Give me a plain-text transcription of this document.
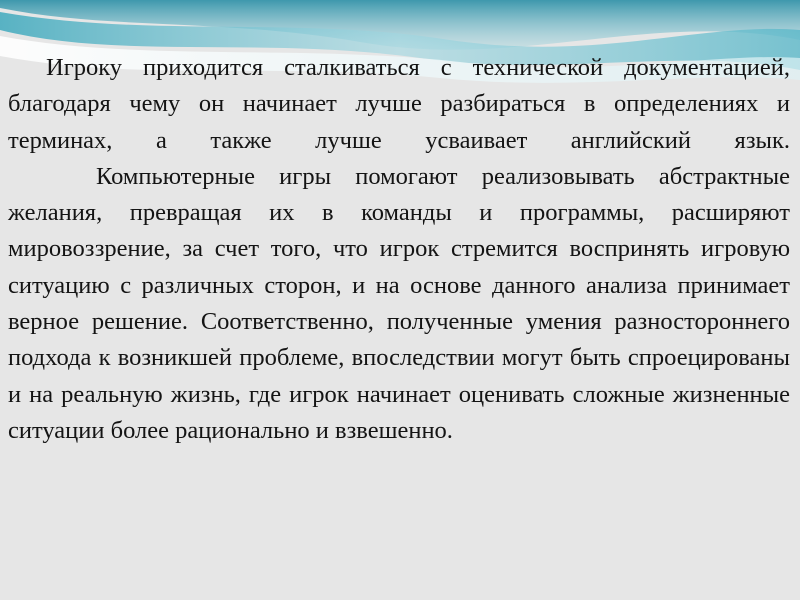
Игроку приходится сталкиваться с технической документацией, благодаря чему он начинает лучше разбираться в определениях и терминах, а также лучше усваивает английский язык.

Компьютерные игры помогают реализовывать абстрактные желания, превращая их в команды и программы, расширяют мировоззрение, за счет того, что игрок стремится воспринять игровую ситуацию с различных сторон, и на основе данного анализа принимает верное решение. Соответственно, полученные умения разностороннего подхода к возникшей проблеме, впоследствии могут быть спроецированы и на реальную жизнь, где игрок начинает оценивать сложные жизненные ситуации более рационально и взвешенно.
